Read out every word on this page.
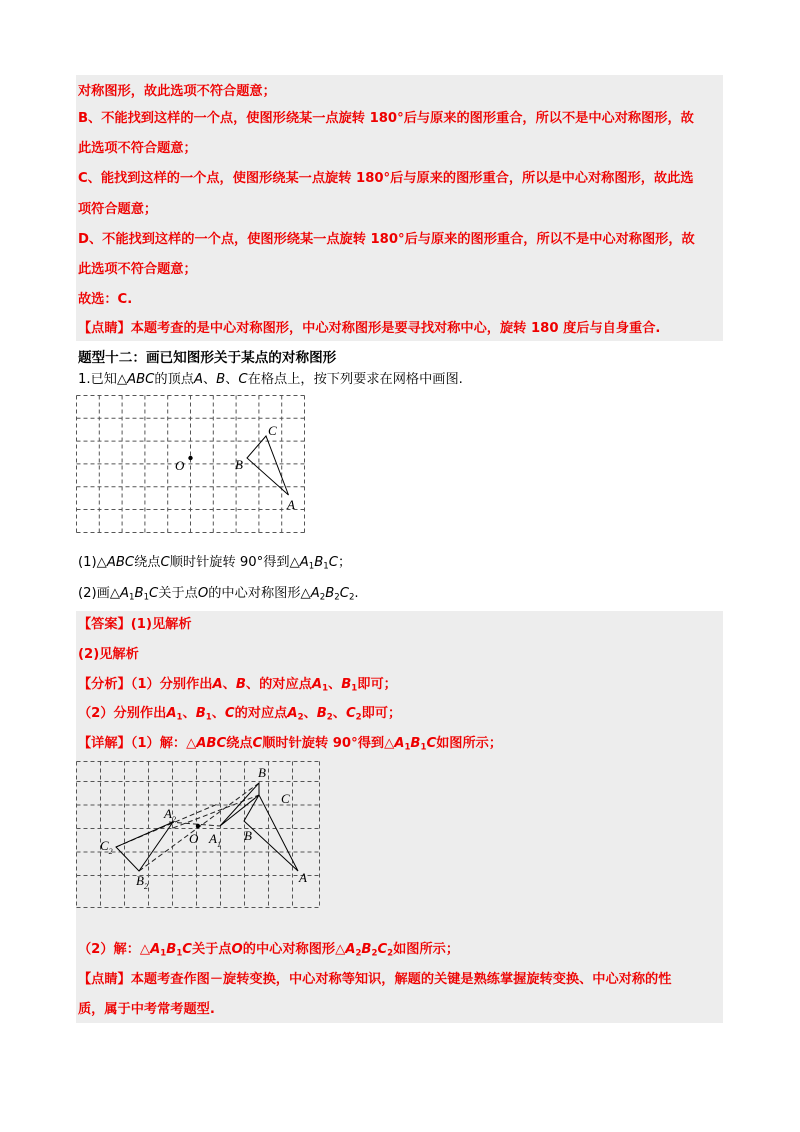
对称图形，故此选项不符合题意；
B、不能找到这样的一个点，使图形绕某一点旋转 180°后与原来的图形重合，所以不是中心对称图形，故
此选项不符合题意；
C、能找到这样的一个点，使图形绕某一点旋转 180°后与原来的图形重合，所以是中心对称图形，故此选
项符合题意；
D、不能找到这样的一个点，使图形绕某一点旋转 180°后与原来的图形重合，所以不是中心对称图形，故
此选项不符合题意；
故选：C.
【点睛】本题考查的是中心对称图形，中心对称图形是要寻找对称中心，旋转 180 度后与自身重合.
题型十二：画已知图形关于某点的对称图形
1.已知△ABC的顶点A、B、C在格点上，按下列要求在网格中画图.
O	B
C
A
(1)△ABC绕点C顺时针旋转 90°得到$\triangle A_1B_1C$；
(2)画$\triangle A_1B_1C$关于点O的中心对称图形$\triangle A_2B_2C_2$.
【答案】(1)见解析
(2)见解析
【分析】（1）分别作出A、B、的对应点$A_1$、$B_1$即可；
（2）分别作出$A_1$、$B_1$、C的对应点$A_2$、$B_2$、$C_2$即可；
【详解】（1）解：△ABC绕点C顺时针旋转 90°得到$\triangle A_1B_1C$如图所示；
B
C
B
A
$A_1$
O
$A_2$
$C_2$
$B_2$
（2）解：$\triangle A_1B_1C$关于点O的中心对称图形$\triangle A_2B_2C_2$如图所示；
【点睛】本题考查作图－旋转变换，中心对称等知识，解题的关键是熟练掌握旋转变换、中心对称的性
质，属于中考常考题型.
